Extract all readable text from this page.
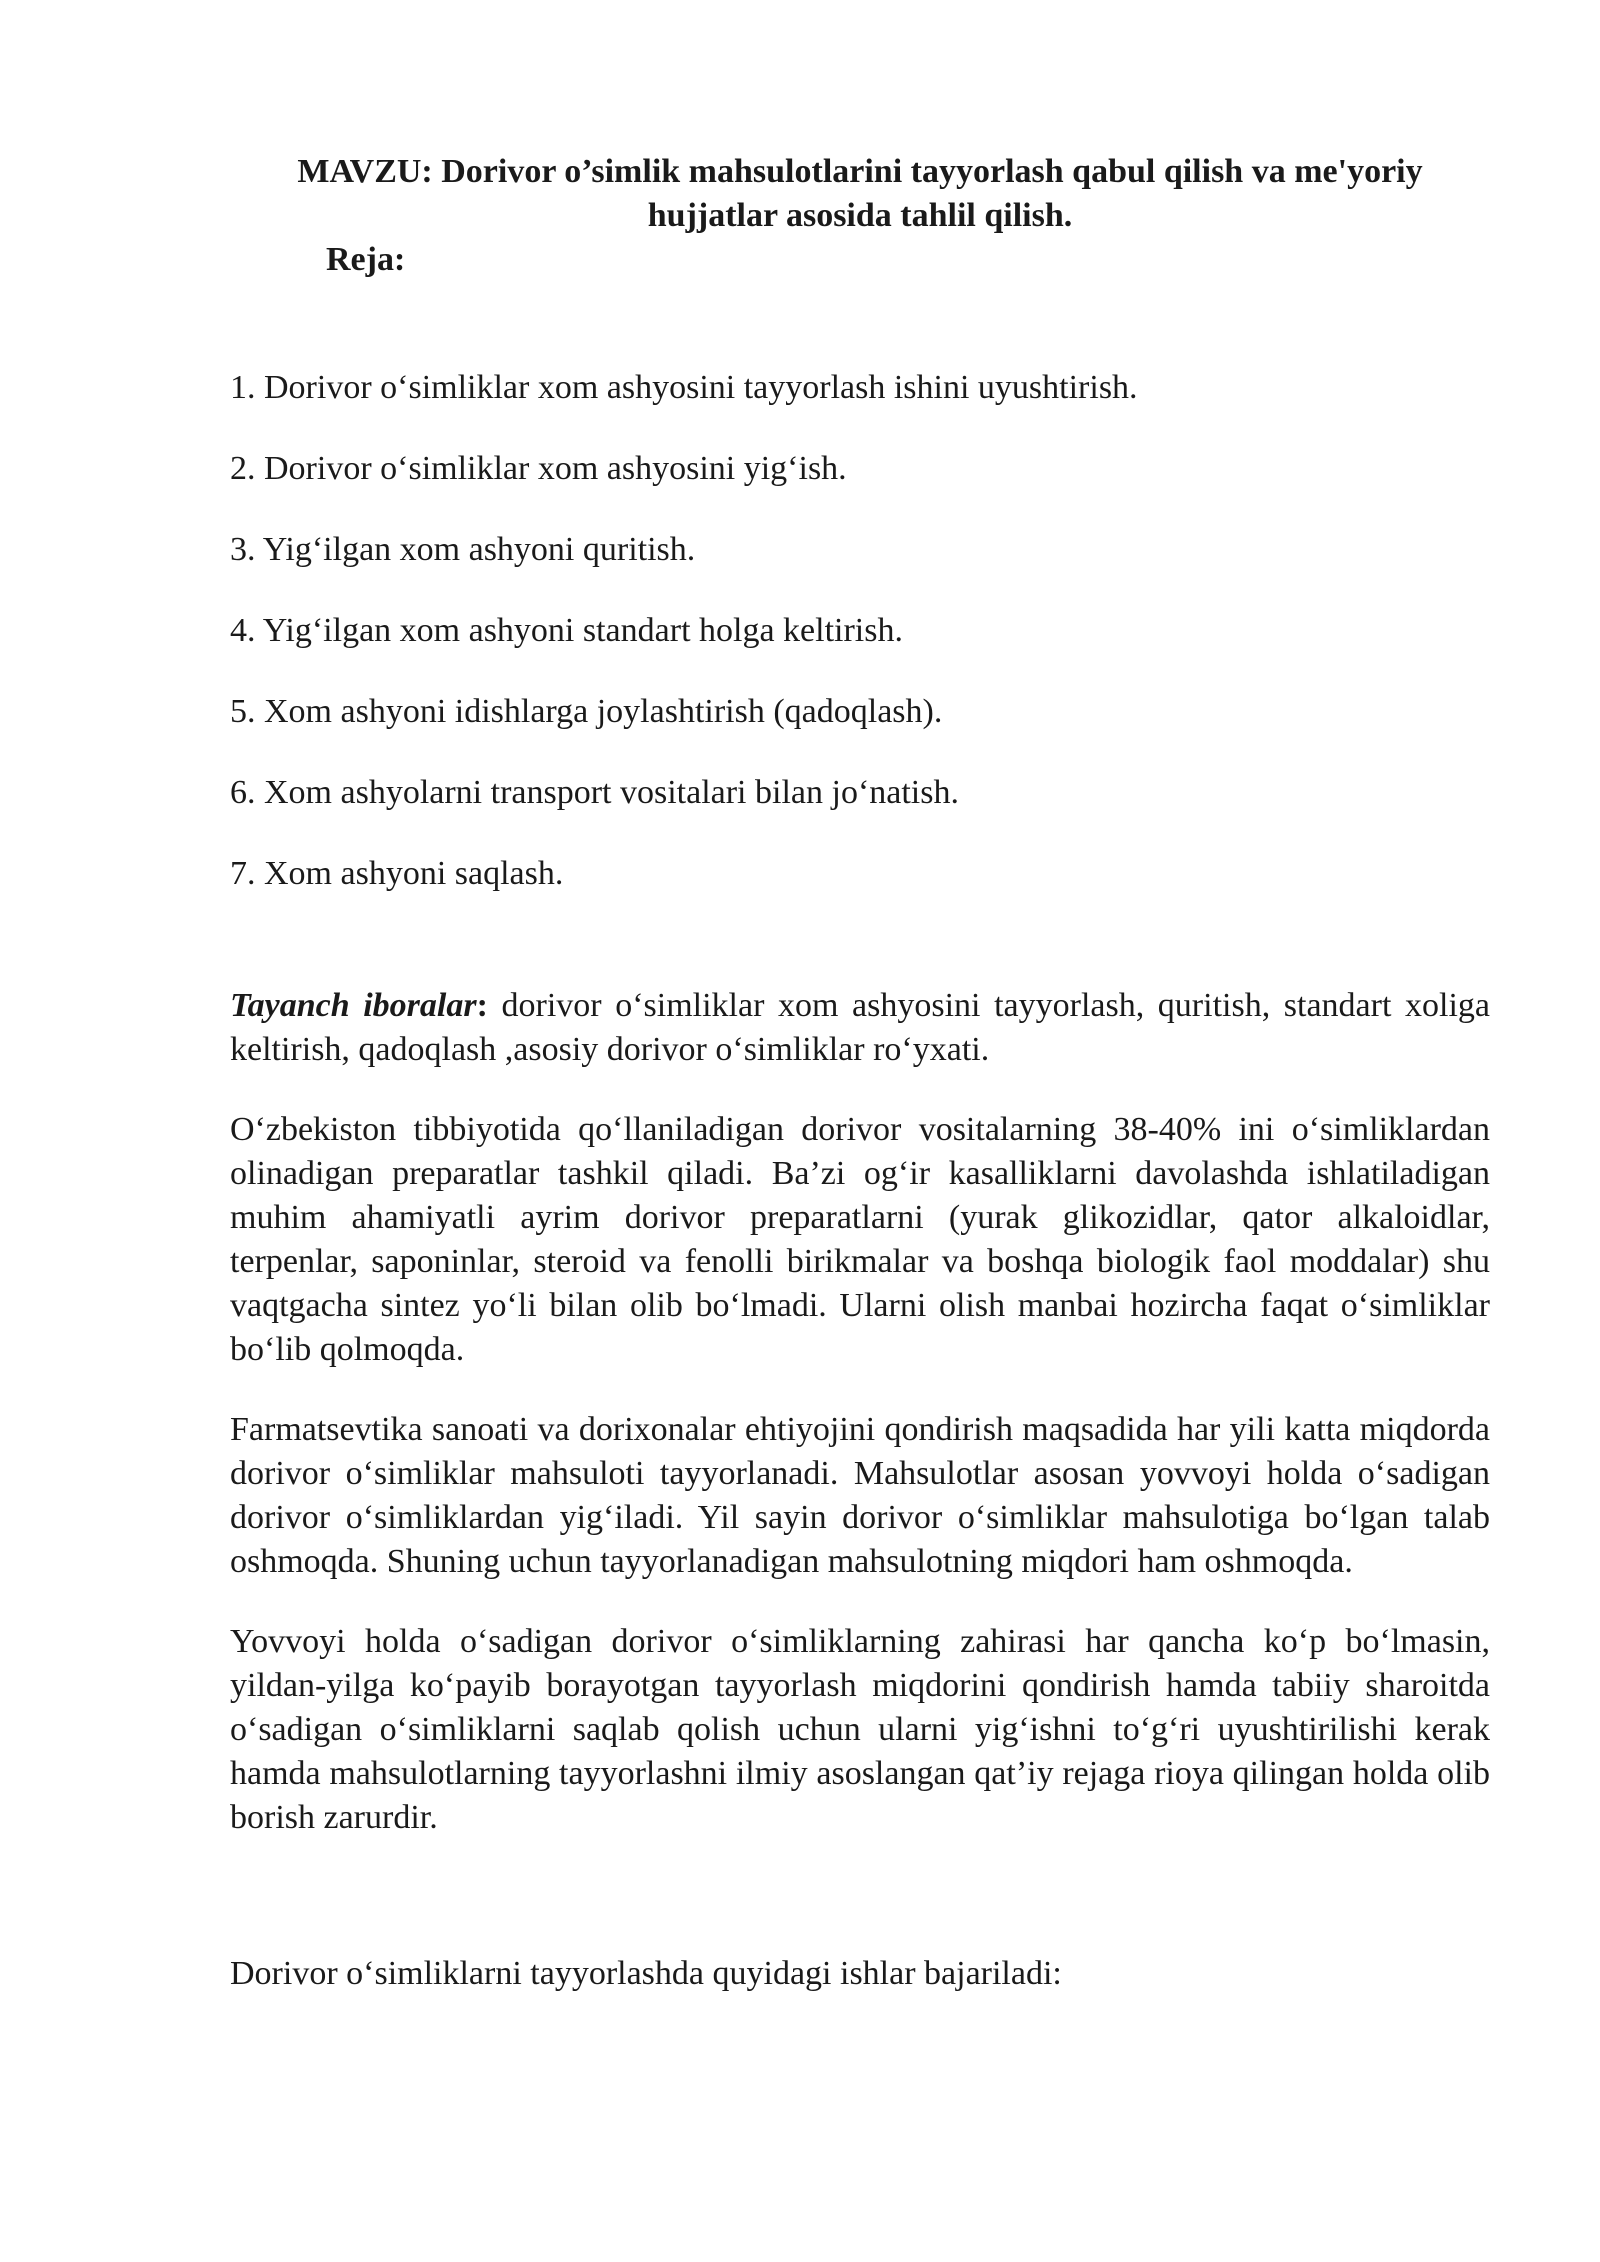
MAVZU: Dorivor o’simlik mahsulotlarini tayyorlash qabul qilish va me'yoriy hujjatlar asosida tahlil qilish.

Reja:

1. Dorivor o‘simliklar xom ashyosini tayyorlash ishini uyushtirish.
2. Dorivor o‘simliklar xom ashyosini yig‘ish.
3. Yig‘ilgan xom ashyoni quritish.
4. Yig‘ilgan xom ashyoni standart holga keltirish.
5. Xom ashyoni idishlarga joylashtirish (qadoqlash).
6. Xom ashyolarni transport vositalari bilan jo‘natish.
7. Xom ashyoni saqlash.

Tayanch iboralar: dorivor o‘simliklar xom ashyosini tayyorlash, quritish, standart xoliga keltirish, qadoqlash ,asosiy dorivor o‘simliklar ro‘yxati.

O‘zbekiston tibbiyotida qo‘llaniladigan dorivor vositalarning 38-40% ini o‘simliklardan olinadigan preparatlar tashkil qiladi. Ba’zi og‘ir kasalliklarni davolashda ishlatiladigan muhim ahamiyatli ayrim dorivor preparatlarni (yurak glikozidlar, qator alkaloidlar, terpenlar, saponinlar, steroid va fenolli birikmalar va boshqa biologik faol moddalar) shu vaqtgacha sintez yo‘li bilan olib bo‘lmadi. Ularni olish manbai hozircha faqat o‘simliklar bo‘lib qolmoqda.

Farmatsevtika sanoati va dorixonalar ehtiyojini qondirish maqsadida har yili katta miqdorda dorivor o‘simliklar mahsuloti tayyorlanadi. Mahsulotlar asosan yovvoyi holda o‘sadigan dorivor o‘simliklardan yig‘iladi. Yil sayin dorivor o‘simliklar mahsulotiga bo‘lgan talab oshmoqda. Shuning uchun tayyorlanadigan mahsulotning miqdori ham oshmoqda.

Yovvoyi holda o‘sadigan dorivor o‘simliklarning zahirasi har qancha ko‘p bo‘lmasin, yildan-yilga ko‘payib borayotgan tayyorlash miqdorini qondirish hamda tabiiy sharoitda o‘sadigan o‘simliklarni saqlab qolish uchun ularni yig‘ishni to‘g‘ri uyushtirilishi kerak hamda mahsulotlarning tayyorlashni ilmiy asoslangan qat’iy rejaga rioya qilingan holda olib borish zarurdir.

Dorivor o‘simliklarni tayyorlashda quyidagi ishlar bajariladi:
